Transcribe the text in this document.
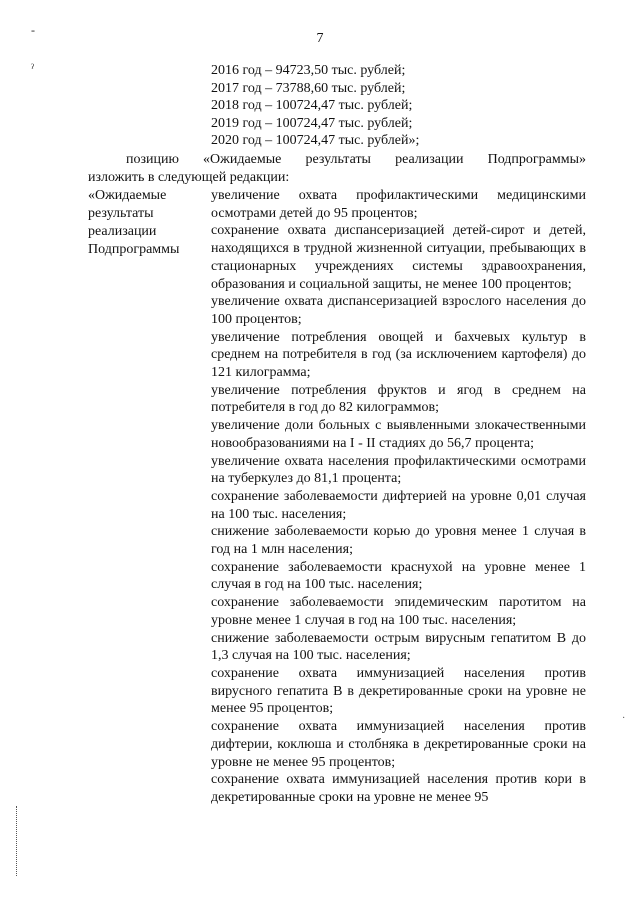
‐
ˀ
·
7
2016 год – 94723,50 тыс. рублей;
2017 год – 73788,60 тыс. рублей;
2018 год – 100724,47 тыс. рублей;
2019 год – 100724,47 тыс. рублей;
2020 год – 100724,47 тыс. рублей»;
позицию «Ожидаемые результаты реализации Подпрограммы»
изложить в следующей редакции:
«Ожидаемые
результаты
реализации
Подпрограммы

увеличение охвата профилактическими медицинскими осмотрами детей до 95 процентов;

сохранение охвата диспансеризацией детей-сирот и детей, находящихся в трудной жизненной ситуации, пребывающих в стационарных учреждениях системы здравоохранения, образования и социальной защиты, не менее 100 процентов;

увеличение охвата диспансеризацией взрослого населения до 100 процентов;

увеличение потребления овощей и бахчевых культур в среднем на потребителя в год (за исключением картофеля) до 121 килограмма;

увеличение потребления фруктов и ягод в среднем на потребителя в год до 82 килограммов;

увеличение доли больных с выявленными злокачественными новообразованиями на I - II стадиях до 56,7 процента;

увеличение охвата населения профилактическими осмотрами на туберкулез до 81,1 процента;

сохранение заболеваемости дифтерией на уровне 0,01 случая на 100 тыс. населения;

снижение заболеваемости корью до уровня менее 1 случая в год на 1 млн населения;

сохранение заболеваемости краснухой на уровне менее 1 случая в год на 100 тыс. населения;

сохранение заболеваемости эпидемическим паротитом на уровне менее 1 случая в год на 100 тыс. населения;

снижение заболеваемости острым вирусным гепатитом В до 1,3 случая на 100 тыс. населения;

сохранение охвата иммунизацией населения против вирусного гепатита В в декретированные сроки на уровне не менее 95 процентов;

сохранение охвата иммунизацией населения против дифтерии, коклюша и столбняка в декретированные сроки на уровне не менее 95 процентов;

сохранение охвата иммунизацией населения против кори в декретированные сроки на уровне не менее 95
